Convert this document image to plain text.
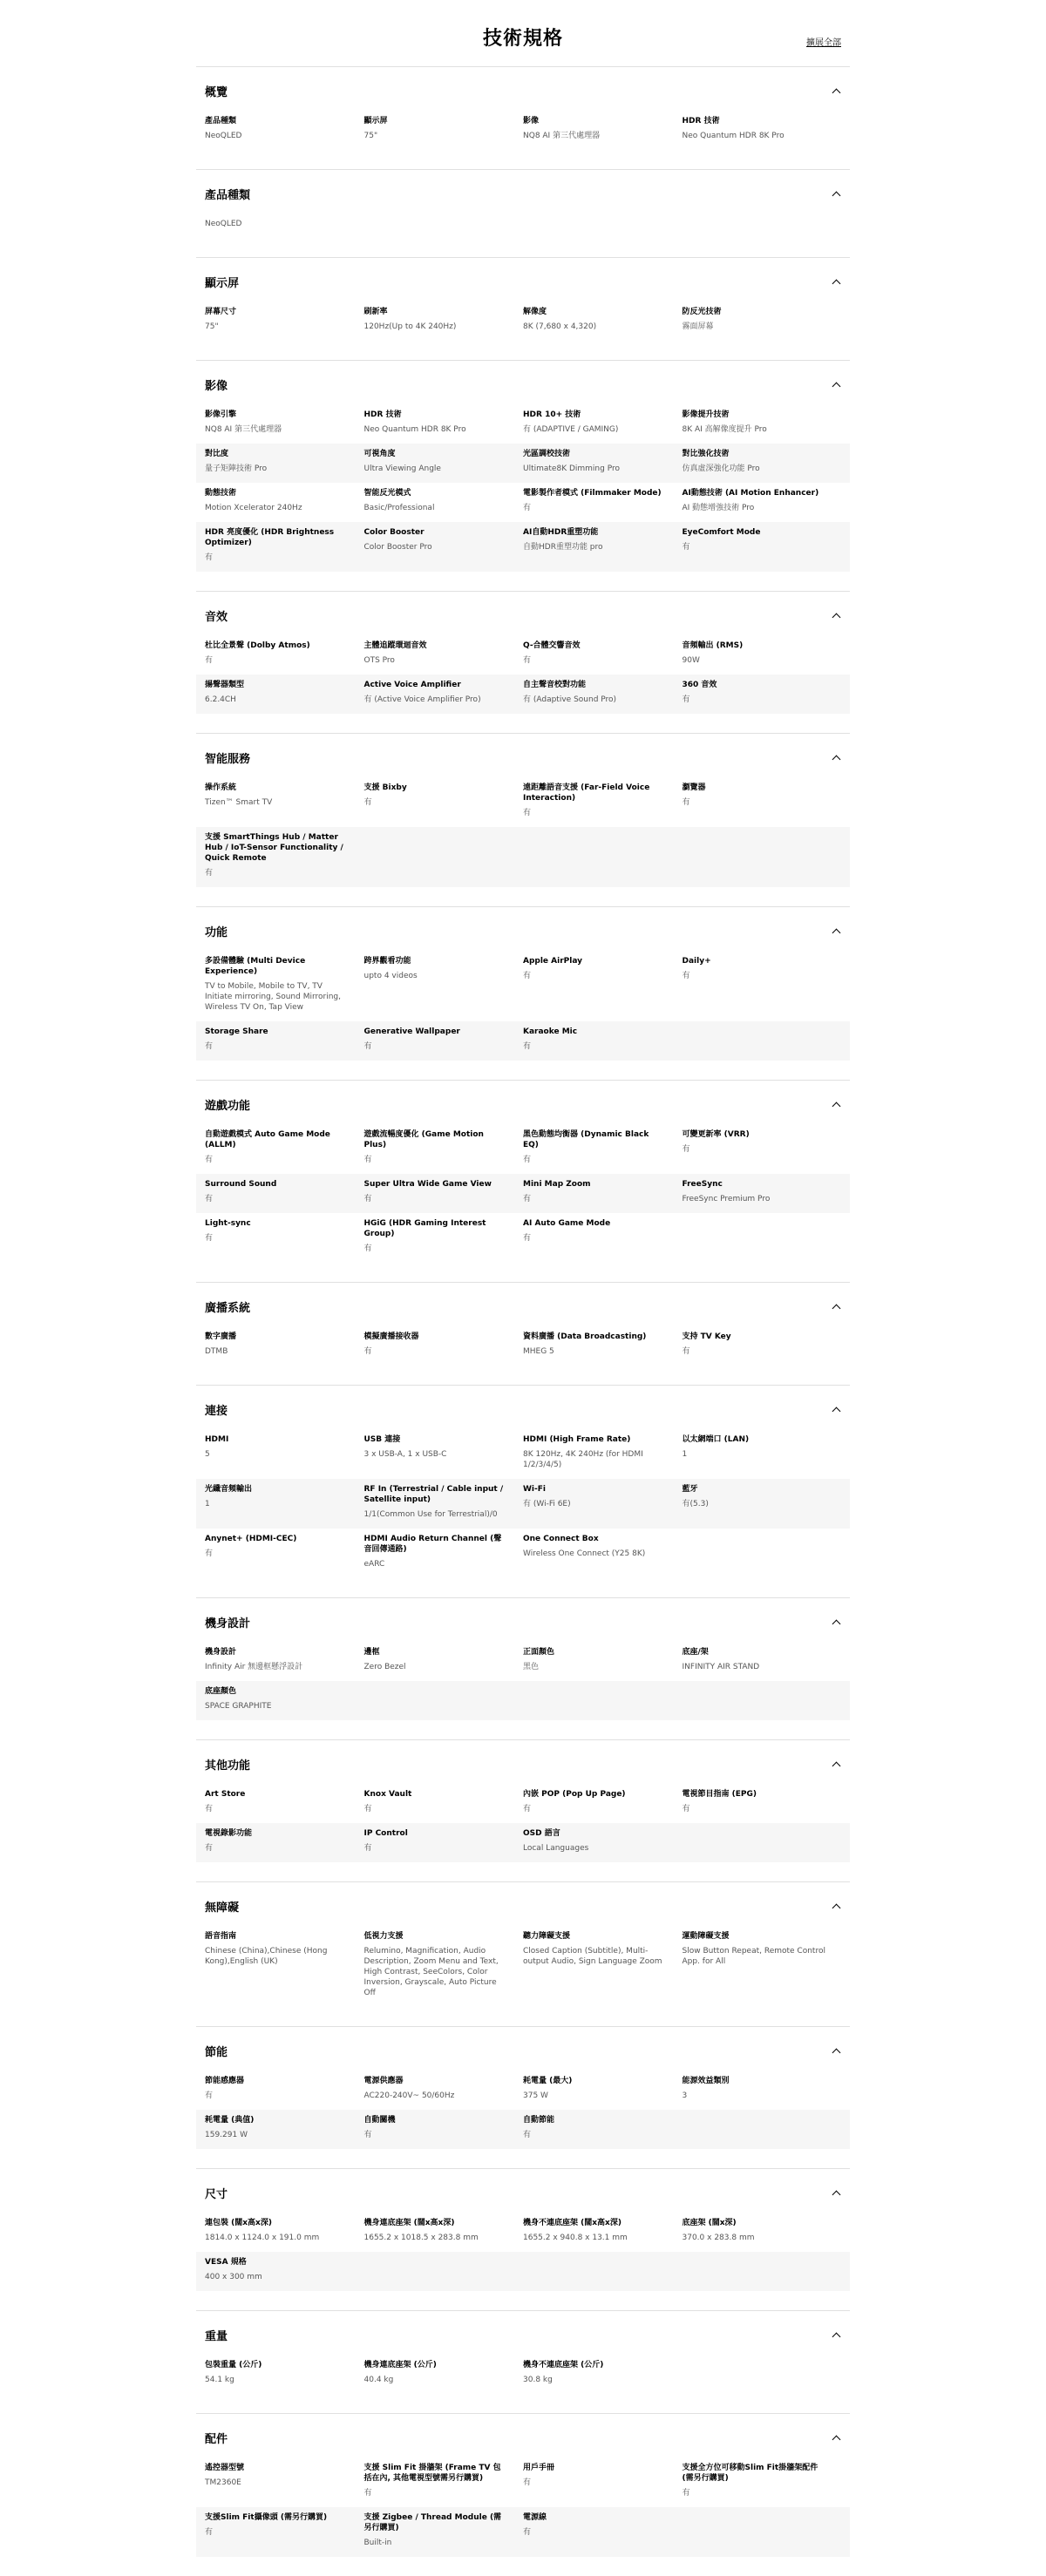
技術規格	擴展全部
概覽
產品種類
NeoQLED
顯示屏
75"
影像
NQ8 AI 第三代處理器
HDR 技術
Neo Quantum HDR 8K Pro
產品種類
NeoQLED
顯示屏
屏幕尺寸
75"
刷新率
120Hz(Up to 4K 240Hz)
解像度
8K (7,680 x 4,320)
防反光技術
霧面屏幕
影像
影像引擎
NQ8 AI 第三代處理器
HDR 技術
Neo Quantum HDR 8K Pro
HDR 10+ 技術
有 (ADAPTIVE / GAMING)
影像提升技術
8K AI 高解像度提升 Pro
對比度
量子矩陣技術 Pro
可視角度
Ultra Viewing Angle
光區調校技術
Ultimate8K Dimming Pro
對比強化技術
仿真虛深強化功能 Pro
動態技術
Motion Xcelerator 240Hz
智能反光模式
Basic/Professional
電影製作者模式 (Filmmaker Mode)
有
AI動態技術 (AI Motion Enhancer)
AI 動態增強技術 Pro
HDR 亮度優化 (HDR Brightness Optimizer)
有
Color Booster
Color Booster Pro
AI自動HDR重塑功能
自動HDR重塑功能 pro
EyeComfort Mode
有
音效
杜比全景聲 (Dolby Atmos)
有
主體追蹤環迴音效
OTS Pro
Q-合體交響音效
有
音頻輸出 (RMS)
90W
揚聲器類型
6.2.4CH
Active Voice Amplifier
有 (Active Voice Amplifier Pro)
自主聲音校對功能
有 (Adaptive Sound Pro)
360 音效
有
智能服務
操作系統
Tizen™ Smart TV
支援 Bixby
有
遠距離語音支援 (Far-Field Voice Interaction)
有
瀏覽器
有
支援 SmartThings Hub / Matter Hub / IoT-Sensor Functionality / Quick Remote
有
功能
多設備體驗 (Multi Device Experience)
TV to Mobile, Mobile to TV, TV Initiate mirroring, Sound Mirroring, Wireless TV On, Tap View
跨界觀看功能
upto 4 videos
Apple AirPlay
有
Daily+
有
Storage Share
有
Generative Wallpaper
有
Karaoke Mic
有
遊戲功能
自動遊戲模式 Auto Game Mode (ALLM)
有
遊戲流暢度優化 (Game Motion Plus)
有
黑色動態均衡器 (Dynamic Black EQ)
有
可變更新率 (VRR)
有
Surround Sound
有
Super Ultra Wide Game View
有
Mini Map Zoom
有
FreeSync
FreeSync Premium Pro
Light-sync
有
HGiG (HDR Gaming Interest Group)
有
AI Auto Game Mode
有
廣播系統
數字廣播
DTMB
模擬廣播接收器
有
資料廣播 (Data Broadcasting)
MHEG 5
支持 TV Key
有
連接
HDMI
5
USB 連接
3 x USB-A, 1 x USB-C
HDMI (High Frame Rate)
8K 120Hz, 4K 240Hz (for HDMI 1/2/3/4/5)
以太網端口 (LAN)
1
光纖音頻輸出
1
RF In (Terrestrial / Cable input / Satellite input)
1/1(Common Use for Terrestrial)/0
Wi-Fi
有 (Wi-Fi 6E)
藍牙
有(5.3)
Anynet+ (HDMI-CEC)
有
HDMI Audio Return Channel (聲音回傳通路)
eARC
One Connect Box
Wireless One Connect (Y25 8K)
機身設計
機身設計
Infinity Air 無邊框懸浮設計
邊框
Zero Bezel
正面顏色
黑色
底座/架
INFINITY AIR STAND
底座顏色
SPACE GRAPHITE
其他功能
Art Store
有
Knox Vault
有
內嵌 POP (Pop Up Page)
有
電視節目指南 (EPG)
有
電視錄影功能
有
IP Control
有
OSD 語言
Local Languages
無障礙
語音指南
Chinese (China),Chinese (Hong Kong),English (UK)
低視力支援
Relumino, Magnification, Audio Description, Zoom Menu and Text, High Contrast, SeeColors, Color Inversion, Grayscale, Auto Picture Off
聽力障礙支援
Closed Caption (Subtitle), Multi-output Audio, Sign Language Zoom
運動障礙支援
Slow Button Repeat, Remote Control App. for All
節能
節能感應器
有
電源供應器
AC220-240V~ 50/60Hz
耗電量 (最大)
375 W
能源效益類別
3
耗電量 (典值)
159.291 W
自動關機
有
自動節能
有
尺寸
連包裝 (闊x高x深)
1814.0 x 1124.0 x 191.0 mm
機身連底座架 (闊x高x深)
1655.2 x 1018.5 x 283.8 mm
機身不連底座架 (闊x高x深)
1655.2 x 940.8 x 13.1 mm
底座架 (闊x深)
370.0 x 283.8 mm
VESA 規格
400 x 300 mm
重量
包裝重量 (公斤)
54.1 kg
機身連底座架 (公斤)
40.4 kg
機身不連底座架 (公斤)
30.8 kg
配件
遙控器型號
TM2360E
支援 Slim Fit 掛牆架 (Frame TV 包括在內, 其他電視型號需另行購買)
有
用戶手冊
有
支援全方位可移動Slim Fit掛牆架配件 (需另行購買)
有
支援Slim Fit攝像頭 (需另行購買)
有
支援 Zigbee / Thread Module (需另行購買)
Built-in
電源線
有
